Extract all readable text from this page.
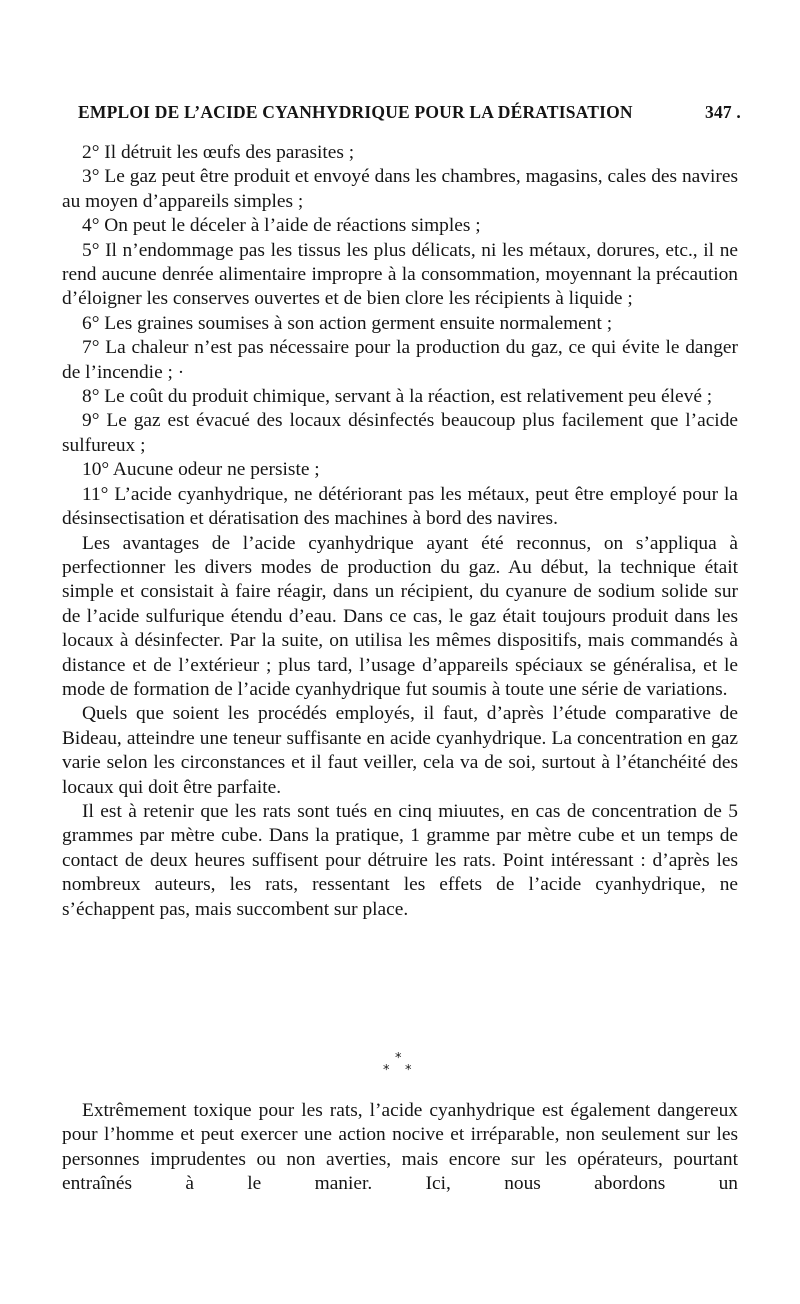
EMPLOI DE L’ACIDE CYANHYDRIQUE POUR LA DÉRATISATION	347 .

2° Il détruit les œufs des parasites ;

3° Le gaz peut être produit et envoyé dans les chambres, magasins, cales des navires au moyen d’appareils simples ;

4° On peut le déceler à l’aide de réactions simples ;

5° Il n’endommage pas les tissus les plus délicats, ni les métaux, dorures, etc., il ne rend aucune denrée alimentaire impropre à la consommation, moyennant la précaution d’éloigner les conserves ouvertes et de bien clore les récipients à liquide ;

6° Les graines soumises à son action germent ensuite normalement ;

7° La chaleur n’est pas nécessaire pour la production du gaz, ce qui évite le danger de l’incendie ; ·

8° Le coût du produit chimique, servant à la réaction, est relativement peu élevé ;

9° Le gaz est évacué des locaux désinfectés beaucoup plus facilement que l’acide sulfureux ;

10° Aucune odeur ne persiste ;

11° L’acide cyanhydrique, ne détériorant pas les métaux, peut être employé pour la désinsectisation et dératisation des machines à bord des navires.

Les avantages de l’acide cyanhydrique ayant été reconnus, on s’appliqua à perfectionner les divers modes de production du gaz. Au début, la technique était simple et consistait à faire réagir, dans un récipient, du cyanure de sodium solide sur de l’acide sulfurique étendu d’eau. Dans ce cas, le gaz était toujours produit dans les locaux à désinfecter. Par la suite, on utilisa les mêmes dispositifs, mais commandés à distance et de l’extérieur ; plus tard, l’usage d’appareils spéciaux se généralisa, et le mode de formation de l’acide cyanhydrique fut soumis à toute une série de variations.

Quels que soient les procédés employés, il faut, d’après l’étude comparative de Bideau, atteindre une teneur suffisante en acide cyanhydrique. La concentration en gaz varie selon les circonstances et il faut veiller, cela va de soi, surtout à l’étanchéité des locaux qui doit être parfaite.

Il est à retenir que les rats sont tués en cinq miuutes, en cas de concentration de 5 grammes par mètre cube. Dans la pratique, 1 gramme par mètre cube et un temps de contact de deux heures suffisent pour détruire les rats. Point intéressant : d’après les nombreux auteurs, les rats, ressentant les effets de l’acide cyanhydrique, ne s’échappent pas, mais succombent sur place.

*
* *

Extrêmement toxique pour les rats, l’acide cyanhydrique est également dangereux pour l’homme et peut exercer une action nocive et irréparable, non seulement sur les personnes imprudentes ou non averties, mais encore sur les opérateurs, pourtant entraînés à le manier. Ici, nous abordons un
